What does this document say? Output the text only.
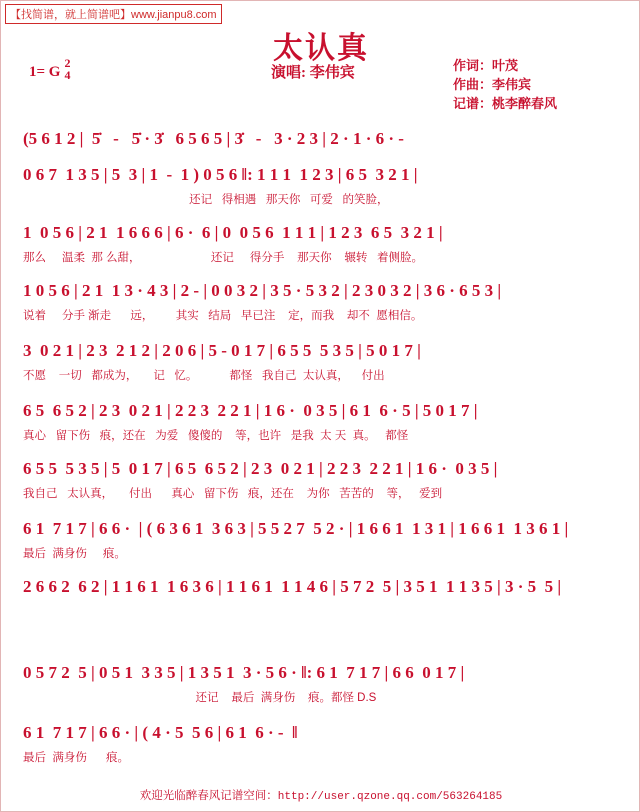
【找简谱，就上简谱吧】www.jianpu8.com
太认真
演唱: 李伟宾
1= G
2
4
作词：叶茂
作曲：李伟宾
记谱：桃李醉春风
(5 6 1 2 |  5̇   -   5̇ · 3̇   6 5 6 5 | 3̇   -   3 · 2 3 | 2 · 1 · 6 · -
0 6 7  1 3 5 | 5  3 | 1  -  1 ) 0 5 6 ‖: 1 1 1  1 2 3 | 6 5  3 2 1 |
还记   得相遇   那天你   可爱   的笑脸，
1  0 5 6 | 2 1  1 6 6 6 | 6 ·  6 | 0  0 5 6  1 1 1 | 1 2 3  6 5  3 2 1 |
那么     温柔  那 么甜，                      还记     得分手    那天你    辗转   着侧脸。
1 0 5 6 | 2 1  1 3 · 4 3 | 2 - | 0 0 3 2 | 3 5 · 5 3 2 | 2 3 0 3 2 | 3 6 · 6 5 3 |
说着     分手 渐走      远，       其实   结局   早已注    定，而我    却不  愿相信。
3  0 2 1 | 2 3  2 1 2 | 2 0 6 | 5 - 0 1 7 | 6 5 5  5 3 5 | 5 0 1 7 |
不愿    一切   都成为，     记   忆。          都怪   我自己  太认真，    付出
6 5  6 5 2 | 2 3  0 2 1 | 2 2 3  2 2 1 | 1 6 ·  0 3 5 | 6 1  6 · 5 | 5 0 1 7 |
真心   留下伤   痕，还在   为爱   傻傻的    等，也许   是我  太 天  真。   都怪
6 5 5  5 3 5 | 5  0 1 7 | 6 5  6 5 2 | 2 3  0 2 1 | 2 2 3  2 2 1 | 1 6 ·  0 3 5 |
我自己   太认真，     付出      真心   留下伤   痕，还在    为你   苦苦的    等，   爱到
6 1  7 1 7 | 6 6 ·  | ( 6 3 6 1  3 6 3 | 5 5 2 7  5 2 · | 1 6 6 1  1 3 1 | 1 6 6 1  1 3 6 1 |
最后  满身伤     痕。
2 6 6 2  6 2 | 1 1 6 1  1 6 3 6 | 1 1 6 1  1 1 4 6 | 5 7 2  5 | 3 5 1  1 1 3 5 | 3 · 5  5 |
0 5 7 2  5 | 0 5 1  3 3 5 | 1 3 5 1  3 · 5 6 · ‖: 6 1  7 1 7 | 6 6  0 1 7 |
还记    最后  满身伤    痕。都怪 D.S
6 1  7 1 7 | 6 6 · | ( 4 · 5  5 6 | 6 1  6 · -  ‖
最后  满身伤      痕。
欢迎光临醉春风记谱空间：http://user.qzone.qq.com/563264185
